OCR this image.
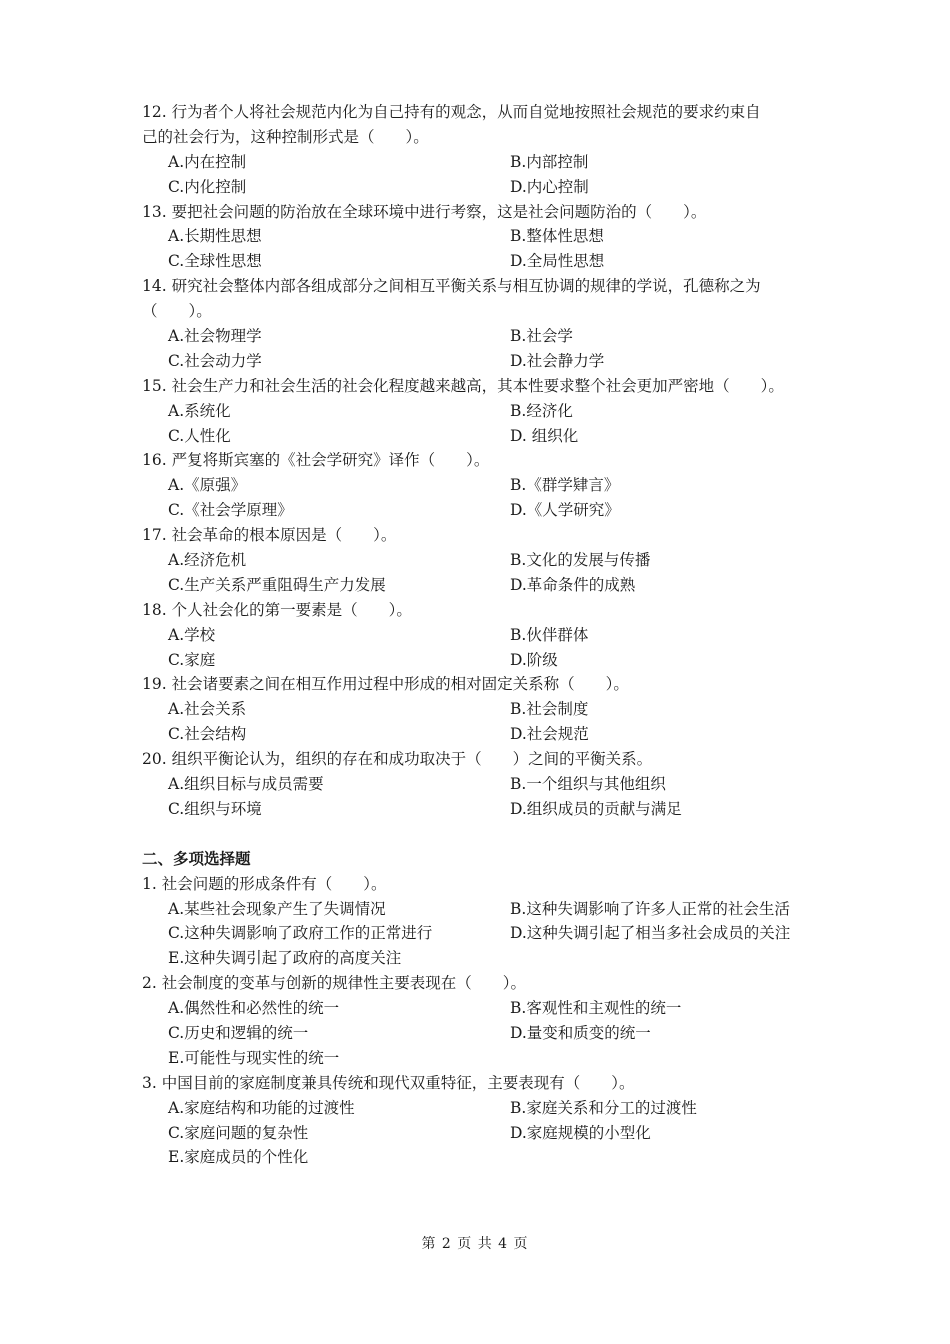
12. 行为者个人将社会规范内化为自己持有的观念，从而自觉地按照社会规范的要求约束自
己的社会行为，这种控制形式是（　　）。
A.内在控制	B.内部控制
C.内化控制	D.内心控制
13. 要把社会问题的防治放在全球环境中进行考察，这是社会问题防治的（　　）。
A.长期性思想	B.整体性思想
C.全球性思想	D.全局性思想
14. 研究社会整体内部各组成部分之间相互平衡关系与相互协调的规律的学说，孔德称之为
（　　）。
A.社会物理学	B.社会学
C.社会动力学	D.社会静力学
15. 社会生产力和社会生活的社会化程度越来越高，其本性要求整个社会更加严密地（　　）。
A.系统化	B.经济化
C.人性化	D. 组织化
16. 严复将斯宾塞的《社会学研究》译作（　　）。
A.《原强》	B.《群学肄言》
C.《社会学原理》	D.《人学研究》
17. 社会革命的根本原因是（　　）。
A.经济危机	B.文化的发展与传播
C.生产关系严重阻碍生产力发展	D.革命条件的成熟
18. 个人社会化的第一要素是（　　）。
A.学校	B.伙伴群体
C.家庭	D.阶级
19. 社会诸要素之间在相互作用过程中形成的相对固定关系称（　　）。
A.社会关系	B.社会制度
C.社会结构	D.社会规范
20. 组织平衡论认为，组织的存在和成功取决于（　　）之间的平衡关系。
A.组织目标与成员需要	B.一个组织与其他组织
C.组织与环境	D.组织成员的贡献与满足
二、多项选择题
1. 社会问题的形成条件有（　　）。
A.某些社会现象产生了失调情况	B.这种失调影响了许多人正常的社会生活
C.这种失调影响了政府工作的正常进行	D.这种失调引起了相当多社会成员的关注
E.这种失调引起了政府的高度关注
2. 社会制度的变革与创新的规律性主要表现在（　　）。
A.偶然性和必然性的统一	B.客观性和主观性的统一
C.历史和逻辑的统一	D.量变和质变的统一
E.可能性与现实性的统一
3. 中国目前的家庭制度兼具传统和现代双重特征，主要表现有（　　）。
A.家庭结构和功能的过渡性	B.家庭关系和分工的过渡性
C.家庭问题的复杂性	D.家庭规模的小型化
E.家庭成员的个性化
第 2 页 共 4 页
